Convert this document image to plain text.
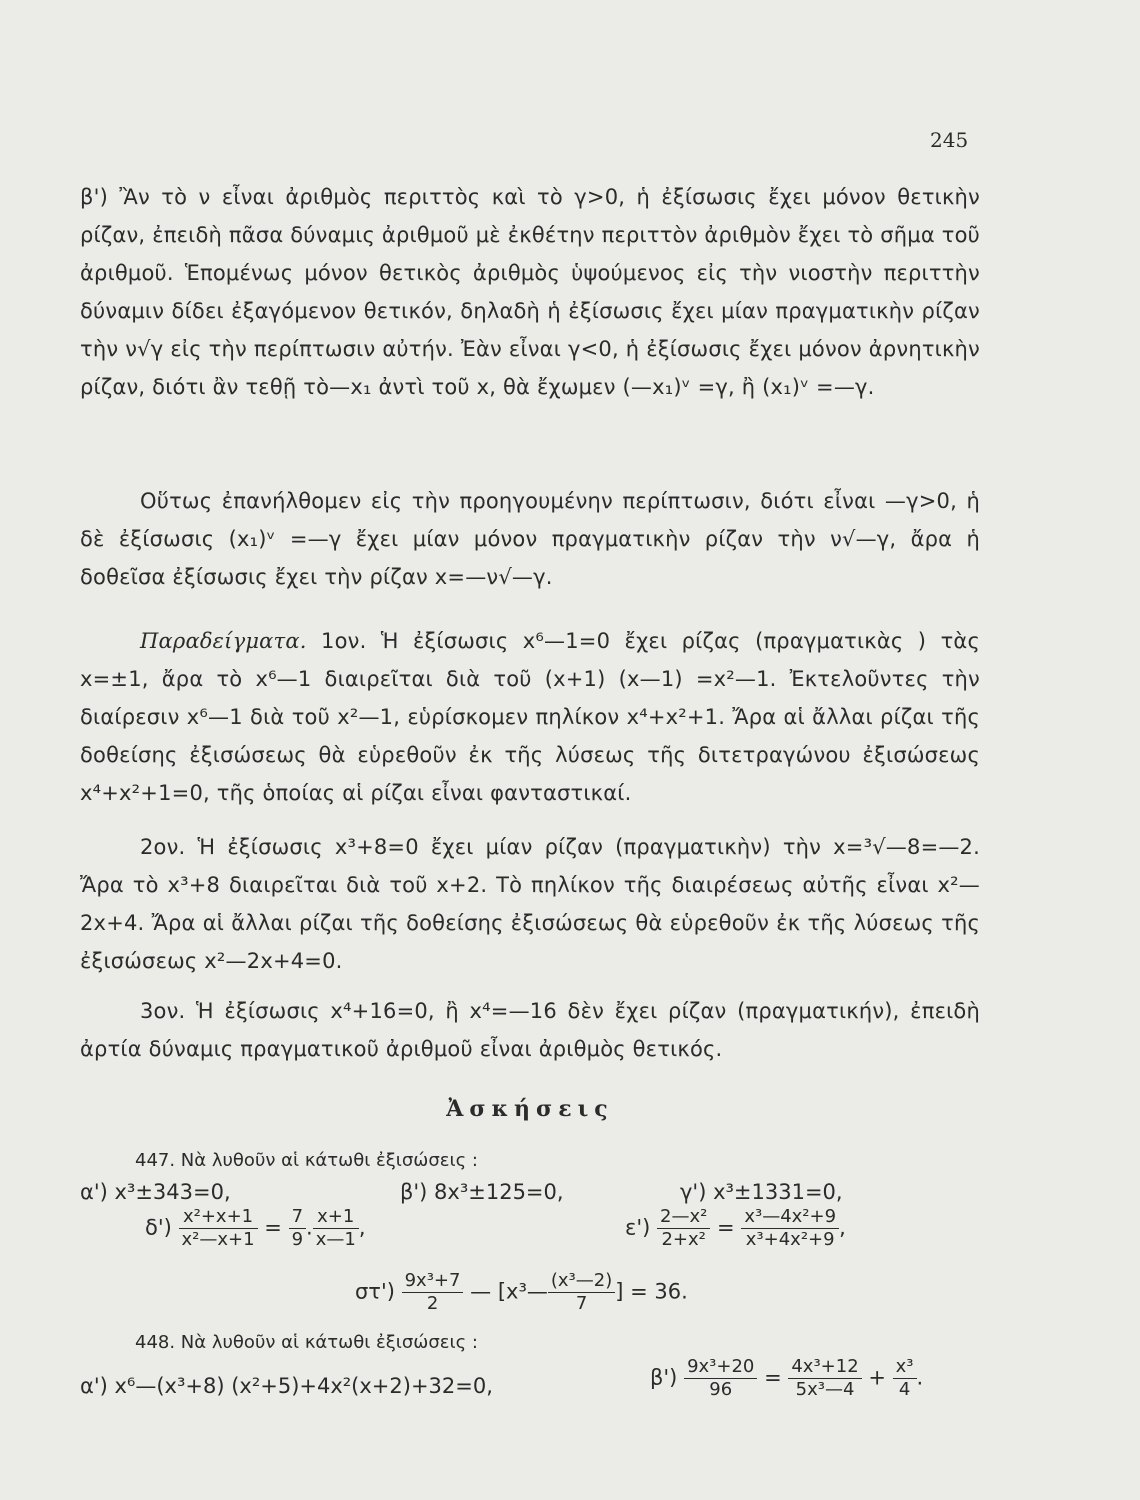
245
β') Ἂν τὸ ν εἶναι ἀριθμὸς περιττὸς καὶ τὸ γ>0, ἡ ἐξίσωσις ἔχει μόνον θετικὴν ρίζαν, ἐπειδὴ πᾶσα δύναμις ἀριθμοῦ μὲ ἐκθέτην περιττὸν ἀριθμὸν ἔχει τὸ σῆμα τοῦ ἀριθμοῦ. Ἑπομένως μόνον θετικὸς ἀριθμὸς ὑψούμενος εἰς τὴν νιοστὴν περιττὴν δύναμιν δίδει ἐξαγόμενον θετικόν, δηλαδὴ ἡ ἐξίσωσις ἔχει μίαν πραγματικὴν ρίζαν τὴν ν√γ εἰς τὴν περίπτωσιν αὐτήν. Ἐὰν εἶναι γ<0, ἡ ἐξίσωσις ἔχει μόνον ἀρνητικὴν ρίζαν, διότι ἂν τεθῇ τὸ—x₁ ἀντὶ τοῦ x, θὰ ἔχωμεν (—x₁)ᵛ =γ, ἢ (x₁)ᵛ =—γ.
Οὕτως ἐπανήλθομεν εἰς τὴν προηγουμένην περίπτωσιν, διότι εἶναι —γ>0, ἡ δὲ ἐξίσωσις (x₁)ᵛ =—γ ἔχει μίαν μόνον πραγματικὴν ρίζαν τὴν ν√—γ, ἄρα ἡ δοθεῖσα ἐξίσωσις ἔχει τὴν ρίζαν x=—ν√—γ.
Παραδείγματα. 1ον. Ἡ ἐξίσωσις x⁶—1=0 ἔχει ρίζας (πραγματικὰς ) τὰς x=±1, ἄρα τὸ x⁶—1 διαιρεῖται διὰ τοῦ (x+1) (x—1) =x²—1. Ἐκτελοῦντες τὴν διαίρεσιν x⁶—1 διὰ τοῦ x²—1, εὑρίσκομεν πηλίκον x⁴+x²+1. Ἄρα αἱ ἄλλαι ρίζαι τῆς δοθείσης ἐξισώσεως θὰ εὑρεθοῦν ἐκ τῆς λύσεως τῆς διτετραγώνου ἐξισώσεως x⁴+x²+1=0, τῆς ὁποίας αἱ ρίζαι εἶναι φανταστικαί.
2ον. Ἡ ἐξίσωσις x³+8=0 ἔχει μίαν ρίζαν (πραγματικὴν) τὴν x=³√—8=—2. Ἄρα τὸ x³+8 διαιρεῖται διὰ τοῦ x+2. Τὸ πηλίκον τῆς διαιρέσεως αὐτῆς εἶναι x²—2x+4. Ἄρα αἱ ἄλλαι ρίζαι τῆς δοθείσης ἐξισώσεως θὰ εὑρεθοῦν ἐκ τῆς λύσεως τῆς ἐξισώσεως x²—2x+4=0.
3ον. Ἡ ἐξίσωσις x⁴+16=0, ἢ x⁴=—16 δὲν ἔχει ρίζαν (πραγματικήν), ἐπειδὴ ἀρτία δύναμις πραγματικοῦ ἀριθμοῦ εἶναι ἀριθμὸς θετικός.
Ἀσκήσεις
447. Νὰ λυθοῦν αἱ κάτωθι ἐξισώσεις :
α') x³±343=0,	β') 8x³±125=0,	γ') x³±1331=0,
$\delta') \frac{\text{x²+x+1}}{\text{x²—x+1}} = \frac{7}{9}$ . $\frac{x+1}{x—1}$ ,	$\varepsilon') \frac{\text{2—x²}}{\text{2+x²}} = \frac{\text{x³—4x²+9}}{\text{x³+4x²+9}}$ ,
$\sigma\tau') \frac{\text{9x³+7}}{2}$ — [x³— $\frac{\text{(x³—2)}}{7}$ ] = 36.
448. Νὰ λυθοῦν αἱ κάτωθι ἐξισώσεις :
α') x⁶—(x³+8) (x²+5)+4x²(x+2)+32=0,	$\beta') \frac{\text{9x³+20}}{96} = \frac{\text{4x³+12}}{\text{5x³—4}} + \frac{\text{x³}}{4}$ .
